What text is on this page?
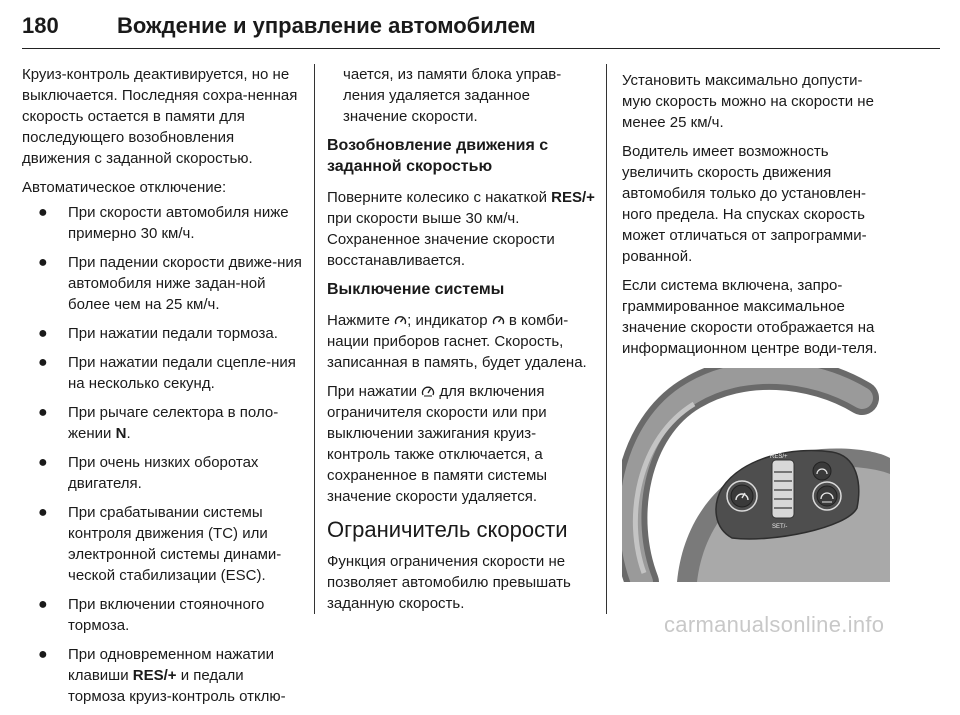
180	Вождение и управление автомобилем

Круиз-контроль деактивируется, но не выключается. Последняя сохра-ненная скорость остается в памяти для последующего возобновления движения с заданной скоростью.

Автоматическое отключение:

● При скорости автомобиля ниже примерно 30 км/ч.
● При падении скорости движе-ния автомобиля ниже задан-ной более чем на 25 км/ч.
● При нажатии педали тормоза.
● При нажатии педали сцепле-ния на несколько секунд.
● При рычаге селектора в поло-жении N.
● При очень низких оборотах двигателя.
● При срабатывании системы контроля движения (TC) или электронной системы динами-ческой стабилизации (ESC).
● При включении стояночного тормоза.
● При одновременном нажатии клавиши RES/+ и педали тормоза круиз-контроль отклю-

чается, из памяти блока управ-ления удаляется заданное значение скорости.

Возобновление движения с заданной скоростью

Поверните колесико с накаткой RES/+ при скорости выше 30 км/ч. Сохраненное значение скорости восстанавливается.

Выключение системы

Нажмите ; индикатор в комби-нации приборов гаснет. Скорость, записанная в память, будет удалена.

При нажатии для включения ограничителя скорости или при выключении зажигания круиз-контроль также отключается, а сохраненное в памяти системы значение скорости удаляется.

Ограничитель скорости

Функция ограничения скорости не позволяет автомобилю превышать заданную скорость.

Установить максимально допусти-мую скорость можно на скорости не менее 25 км/ч.

Водитель имеет возможность увеличить скорость движения автомобиля только до установлен-ного предела. На спусках скорость может отличаться от запрограмми-рованной.

Если система включена, запро-граммированное максимальное значение скорости отображается на информационном центре води-теля.

RES/+
SET/-
carmanualsonline.info
